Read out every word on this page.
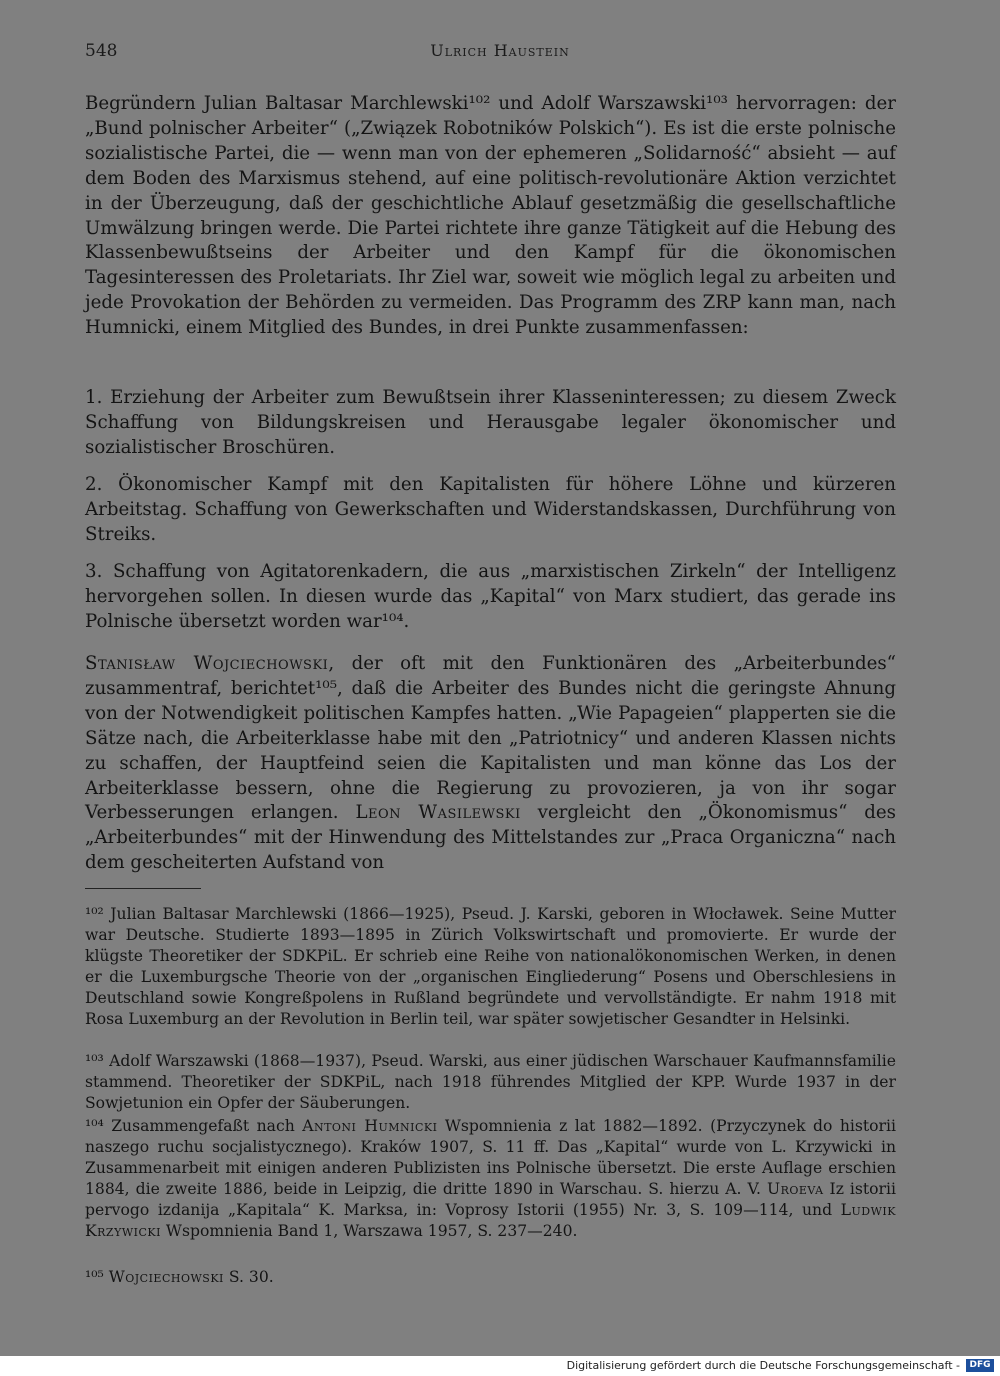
548	Ulrich Haustein
Begründern Julian Baltasar Marchlewski¹⁰² und Adolf Warszawski¹⁰³ hervorragen: der „Bund polnischer Arbeiter“ („Związek Robotników Polskich“). Es ist die erste polnische sozialistische Partei, die — wenn man von der ephemeren „Solidarność“ absieht — auf dem Boden des Marxismus stehend, auf eine politisch-revolutionäre Aktion verzichtet in der Überzeugung, daß der geschichtliche Ablauf gesetzmäßig die gesellschaftliche Umwälzung bringen werde. Die Partei richtete ihre ganze Tätigkeit auf die Hebung des Klassenbewußtseins der Arbeiter und den Kampf für die ökonomischen Tagesinteressen des Proletariats. Ihr Ziel war, soweit wie möglich legal zu arbeiten und jede Provokation der Behörden zu vermeiden. Das Programm des ZRP kann man, nach Humnicki, einem Mitglied des Bundes, in drei Punkte zusammenfassen:
1. Erziehung der Arbeiter zum Bewußtsein ihrer Klasseninteressen; zu diesem Zweck Schaffung von Bildungskreisen und Herausgabe legaler ökonomischer und sozialistischer Broschüren.
2. Ökonomischer Kampf mit den Kapitalisten für höhere Löhne und kürzeren Arbeitstag. Schaffung von Gewerkschaften und Widerstandskassen, Durchführung von Streiks.
3. Schaffung von Agitatorenkadern, die aus „marxistischen Zirkeln“ der Intelligenz hervorgehen sollen. In diesen wurde das „Kapital“ von Marx studiert, das gerade ins Polnische übersetzt worden war¹⁰⁴.
Stanisław Wojciechowski, der oft mit den Funktionären des „Arbeiterbundes“ zusammentraf, berichtet¹⁰⁵, daß die Arbeiter des Bundes nicht die geringste Ahnung von der Notwendigkeit politischen Kampfes hatten. „Wie Papageien“ plapperten sie die Sätze nach, die Arbeiterklasse habe mit den „Patriotnicy“ und anderen Klassen nichts zu schaffen, der Hauptfeind seien die Kapitalisten und man könne das Los der Arbeiterklasse bessern, ohne die Regierung zu provozieren, ja von ihr sogar Verbesserungen erlangen. Leon Wasilewski vergleicht den „Ökonomismus“ des „Arbeiterbundes“ mit der Hinwendung des Mittelstandes zur „Praca Organiczna“ nach dem gescheiterten Aufstand von
¹⁰² Julian Baltasar Marchlewski (1866—1925), Pseud. J. Karski, geboren in Włocławek. Seine Mutter war Deutsche. Studierte 1893—1895 in Zürich Volkswirtschaft und promovierte. Er wurde der klügste Theoretiker der SDKPiL. Er schrieb eine Reihe von nationalökonomischen Werken, in denen er die Luxemburgsche Theorie von der „organischen Eingliederung“ Posens und Oberschlesiens in Deutschland sowie Kongreßpolens in Rußland begründete und vervollständigte. Er nahm 1918 mit Rosa Luxemburg an der Revolution in Berlin teil, war später sowjetischer Gesandter in Helsinki.
¹⁰³ Adolf Warszawski (1868—1937), Pseud. Warski, aus einer jüdischen Warschauer Kaufmannsfamilie stammend. Theoretiker der SDKPiL, nach 1918 führendes Mitglied der KPP. Wurde 1937 in der Sowjetunion ein Opfer der Säuberungen.
¹⁰⁴ Zusammengefaßt nach Antoni Humnicki Wspomnienia z lat 1882—1892. (Przyczynek do historii naszego ruchu socjalistycznego). Kraków 1907, S. 11 ff. Das „Kapital“ wurde von L. Krzywicki in Zusammenarbeit mit einigen anderen Publizisten ins Polnische übersetzt. Die erste Auflage erschien 1884, die zweite 1886, beide in Leipzig, die dritte 1890 in Warschau. S. hierzu A. V. Uroeva Iz istorii pervogo izdanija „Kapitala“ K. Marksa, in: Voprosy Istorii (1955) Nr. 3, S. 109—114, und Ludwik Krzywicki Wspomnienia Band 1, Warszawa 1957, S. 237—240.
¹⁰⁵ Wojciechowski S. 30.
Digitalisierung gefördert durch die Deutsche Forschungsgemeinschaft -	DFG
